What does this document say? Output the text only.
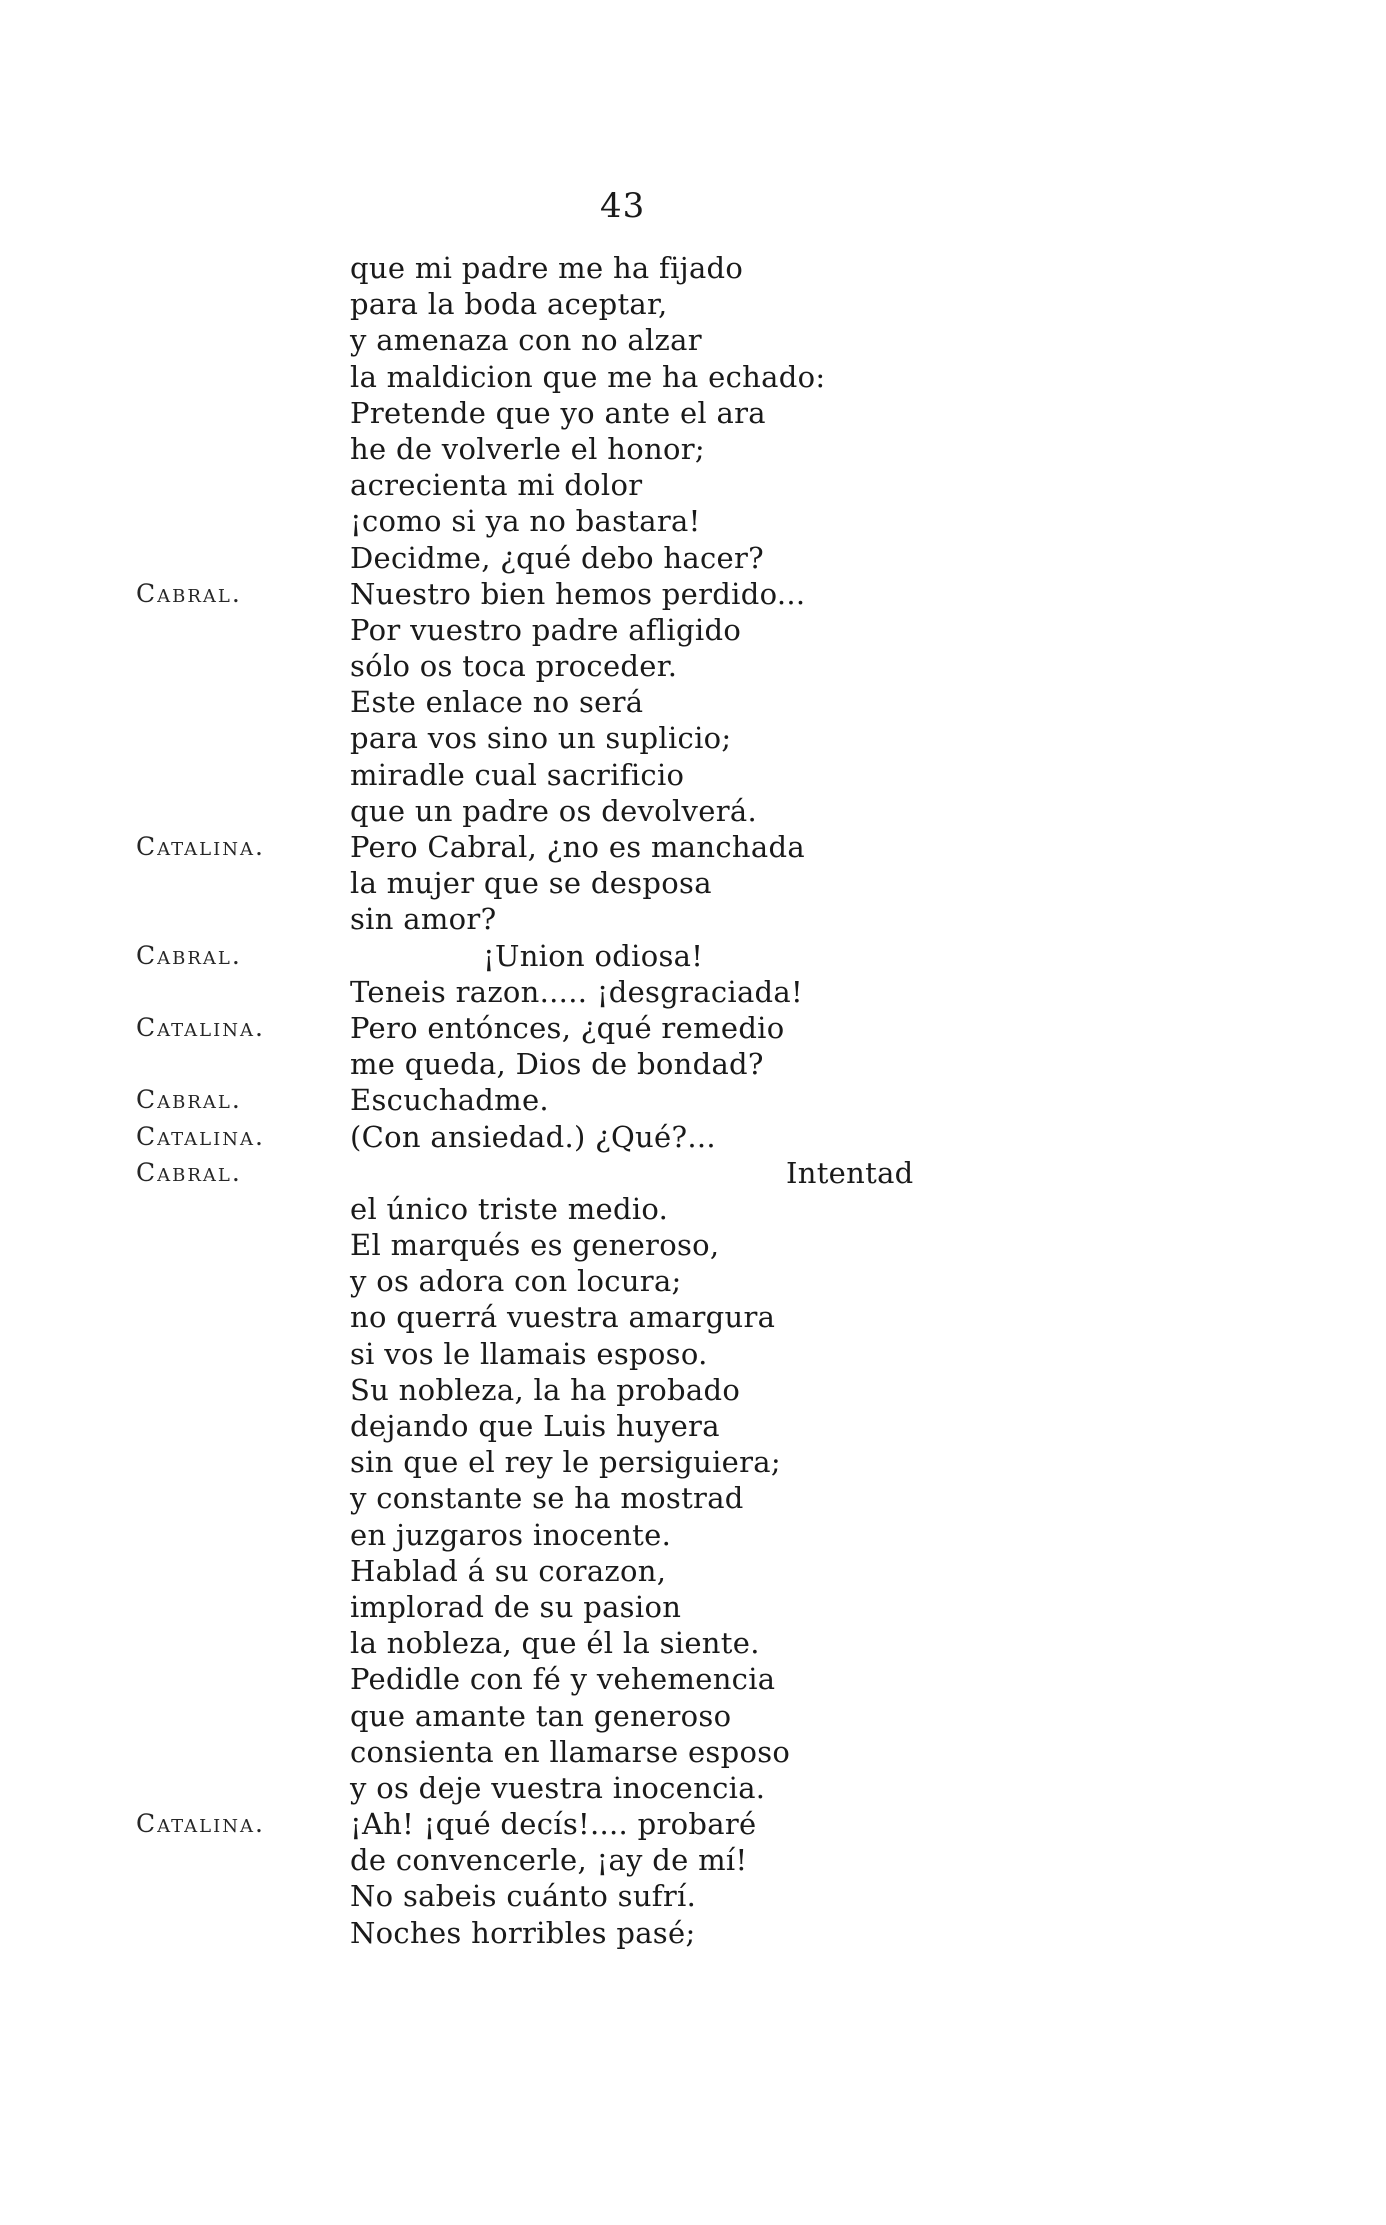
43
que mi padre me ha fijado
para la boda aceptar,
y amenaza con no alzar
la maldicion que me ha echado:
Pretende que yo ante el ara
he de volverle el honor;
acrecienta mi dolor
¡como si ya no bastara!
Decidme, ¿qué debo hacer?
Cabral.	Nuestro bien hemos perdido...
Por vuestro padre afligido
sólo os toca proceder.
Este enlace no será
para vos sino un suplicio;
miradle cual sacrificio
que un padre os devolverá.
Catalina.	Pero Cabral, ¿no es manchada
la mujer que se desposa
sin amor?
Cabral.	¡Union odiosa!
Teneis razon..... ¡desgraciada!
Catalina.	Pero entónces, ¿qué remedio
me queda, Dios de bondad?
Cabral.	Escuchadme.
Catalina.	(Con ansiedad.) ¿Qué?...
Cabral.	Intentad
el único triste medio.
El marqués es generoso,
y os adora con locura;
no querrá vuestra amargura
si vos le llamais esposo.
Su nobleza, la ha probado
dejando que Luis huyera
sin que el rey le persiguiera;
y constante se ha mostrad
en juzgaros inocente.
Hablad á su corazon,
implorad de su pasion
la nobleza, que él la siente.
Pedidle con fé y vehemencia
que amante tan generoso
consienta en llamarse esposo
y os deje vuestra inocencia.
Catalina.	¡Ah! ¡qué decís!.... probaré
de convencerle, ¡ay de mí!
No sabeis cuánto sufrí.
Noches horribles pasé;
